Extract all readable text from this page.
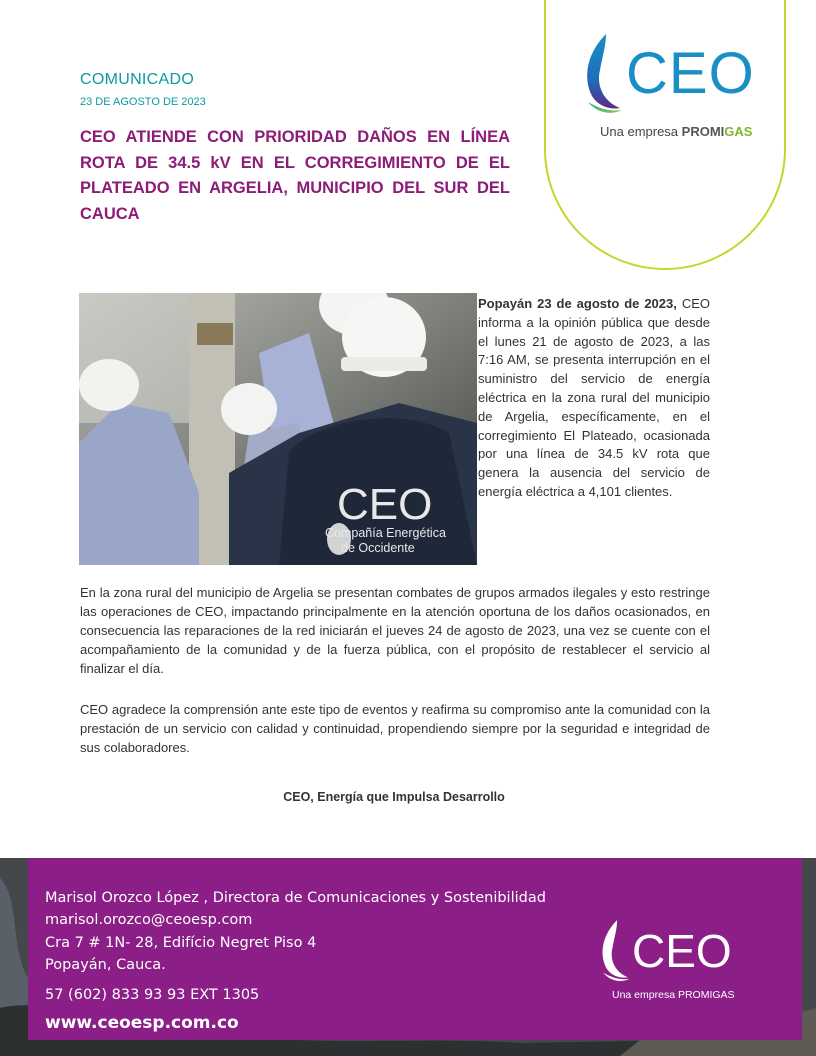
CEO
Una empresa PROMIGAS
COMUNICADO
23 DE AGOSTO DE 2023
CEO ATIENDE CON PRIORIDAD DAÑOS EN LÍNEA ROTA DE 34.5 kV EN EL CORREGIMIENTO DE EL PLATEADO EN ARGELIA, MUNICIPIO DEL SUR DEL CAUCA
CEO
Compañía Energética
de Occidente
Popayán 23 de agosto de 2023, CEO informa a la opinión pública que desde el lunes 21 de agosto de 2023, a las 7:16 AM, se presenta interrupción en el suministro del servicio de energía eléctrica en la zona rural del municipio de Argelia, específicamente, en el corregimiento El Plateado, ocasionada por una línea de 34.5 kV rota que genera la ausencia del servicio de energía eléctrica a 4,101 clientes.
En la zona rural del municipio de Argelia se presentan combates de grupos armados ilegales y esto restringe las operaciones de CEO, impactando principalmente en la atención oportuna de los daños ocasionados, en consecuencia las reparaciones de la red iniciarán el jueves 24 de agosto de 2023, una vez se cuente con el acompañamiento de la comunidad y de la fuerza pública, con el propósito de restablecer el servicio al finalizar el día.
CEO agradece la comprensión ante este tipo de eventos y reafirma su compromiso ante la comunidad con la prestación de un servicio con calidad y continuidad, propendiendo siempre por la seguridad e integridad de sus colaboradores.
CEO, Energía que Impulsa Desarrollo
Marisol Orozco López , Directora de Comunicaciones y Sostenibilidad
marisol.orozco@ceoesp.com
Cra 7 # 1N- 28, Edifício Negret Piso 4
Popayán, Cauca.
57 (602) 833 93 93 EXT 1305
www.ceoesp.com.co
CEO
Una empresa PROMIGAS
